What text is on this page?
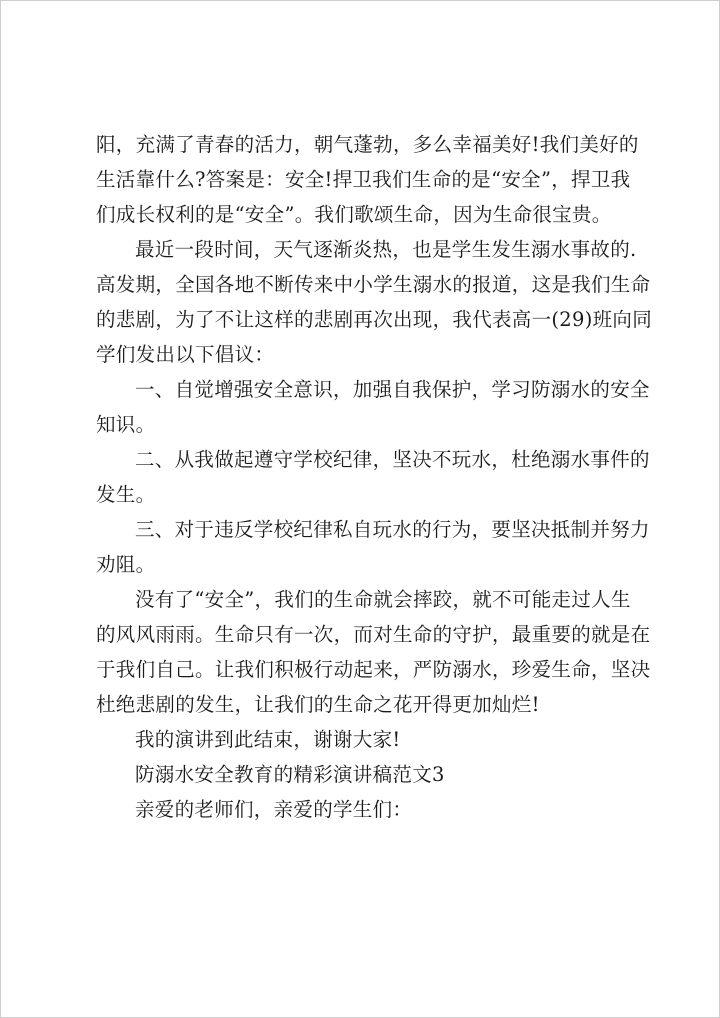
阳，充满了青春的活力，朝气蓬勃，多么幸福美好!我们美好的
生活靠什么?答案是：安全!捍卫我们生命的是“安全”，捍卫我
们成长权利的是“安全”。我们歌颂生命，因为生命很宝贵。
最近一段时间，天气逐渐炎热，也是学生发生溺水事故的.
高发期，全国各地不断传来中小学生溺水的报道，这是我们生命
的悲剧，为了不让这样的悲剧再次出现，我代表高一(29)班向同
学们发出以下倡议：
一、自觉增强安全意识，加强自我保护，学习防溺水的安全
知识。
二、从我做起遵守学校纪律，坚决不玩水，杜绝溺水事件的
发生。
三、对于违反学校纪律私自玩水的行为，要坚决抵制并努力
劝阻。
没有了“安全”，我们的生命就会摔跤，就不可能走过人生
的风风雨雨。生命只有一次，而对生命的守护，最重要的就是在
于我们自己。让我们积极行动起来，严防溺水，珍爱生命，坚决
杜绝悲剧的发生，让我们的生命之花开得更加灿烂!
我的演讲到此结束，谢谢大家!
防溺水安全教育的精彩演讲稿范文3
亲爱的老师们，亲爱的学生们：
